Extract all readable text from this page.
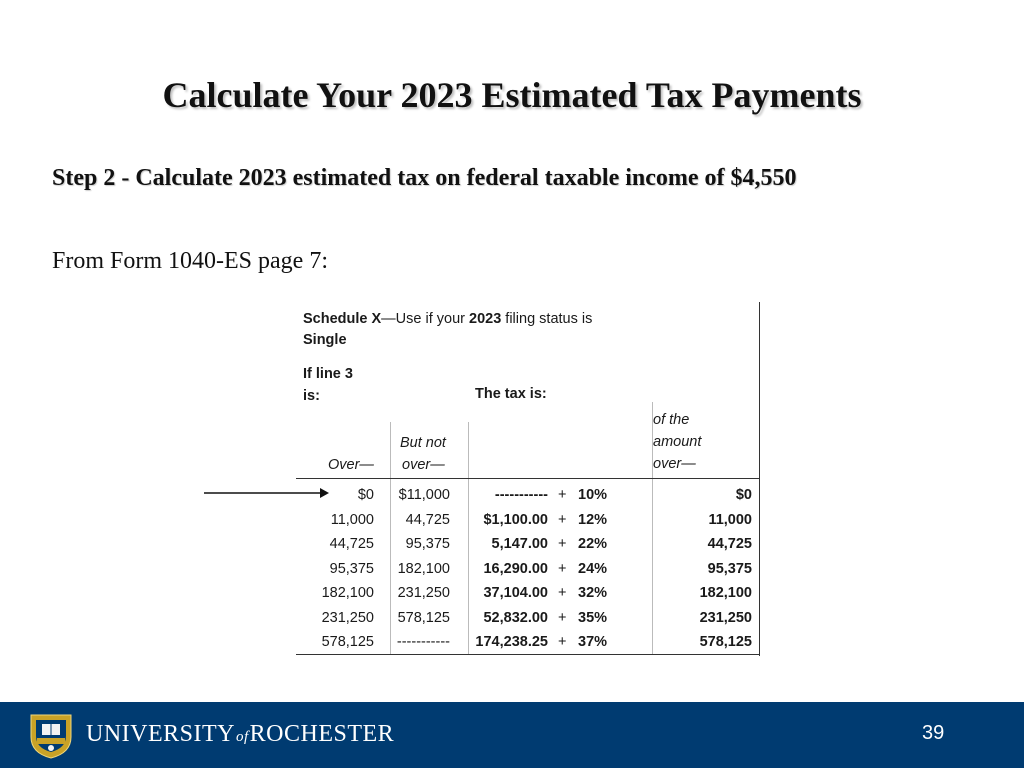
Calculate Your 2023 Estimated Tax Payments

Step 2 - Calculate 2023 estimated tax on federal taxable income of $4,550

From Form 1040-ES page 7:

Schedule X—Use if your 2023 filing status is
Single
If line 3
is:	The tax is:
Over—
But not
over—
of the
amount
over—
$0 $11,000	----------- + 10%	$0
11,000 44,725 $1,100.00 + 12%	11,000
44,725 95,375	5,147.00 + 22%	44,725
95,375 182,100 16,290.00 + 24%	95,375
182,100 231,250 37,104.00 + 32%	182,100
231,250 578,125 52,832.00 + 35%	231,250
578,125 ----------- 174,238.25 + 37%	578,125
UNIVERSITYofROCHESTER	39
